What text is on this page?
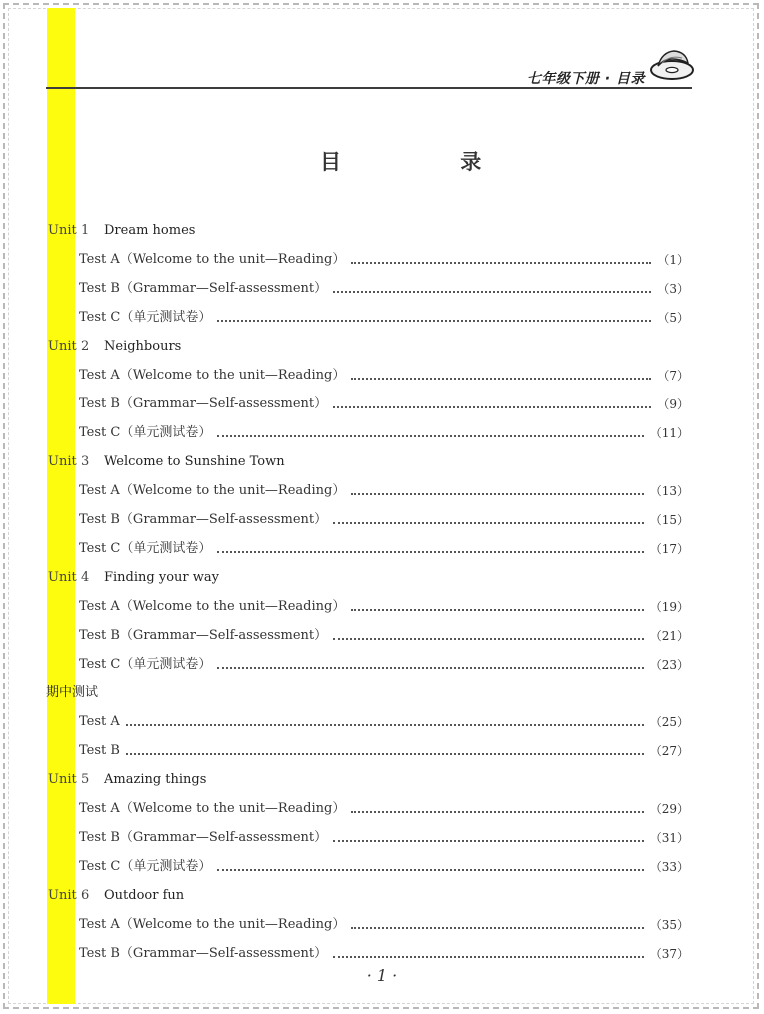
七年级下册 · 目录
目 录
Unit 1 Dream homes
Test A（Welcome to the unit—Reading）	（1）
Test B（Grammar—Self-assessment）	（3）
Test C（单元测试卷）	（5）
Unit 2 Neighbours
Test A（Welcome to the unit—Reading）	（7）
Test B（Grammar—Self-assessment）	（9）
Test C（单元测试卷）	（11）
Unit 3 Welcome to Sunshine Town
Test A（Welcome to the unit—Reading）	（13）
Test B（Grammar—Self-assessment）	（15）
Test C（单元测试卷）	（17）
Unit 4 Finding your way
Test A（Welcome to the unit—Reading）	（19）
Test B（Grammar—Self-assessment）	（21）
Test C（单元测试卷）	（23）
期中测试
Test A	（25）
Test B	（27）
Unit 5 Amazing things
Test A（Welcome to the unit—Reading）	（29）
Test B（Grammar—Self-assessment）	（31）
Test C（单元测试卷）	（33）
Unit 6 Outdoor fun
Test A（Welcome to the unit—Reading）	（35）
Test B（Grammar—Self-assessment）	（37）
· 1 ·
